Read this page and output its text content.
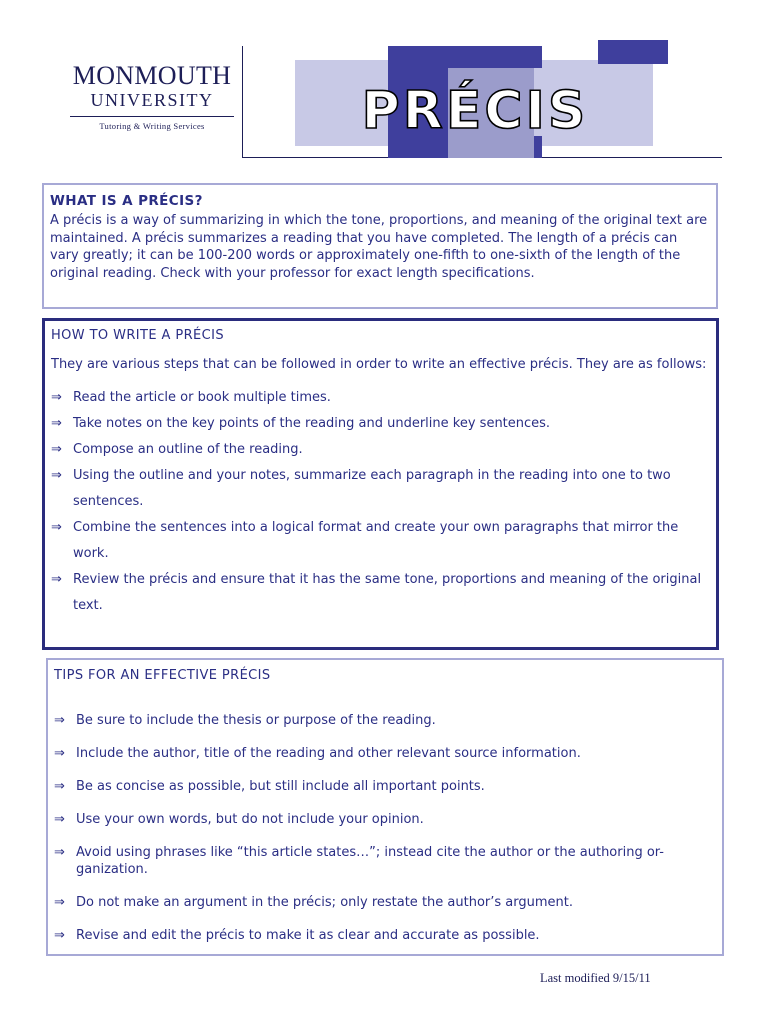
MONMOUTH
UNIVERSITY
Tutoring & Writing Services	PRÉCIS
WHAT IS A PRÉCIS?
A précis is a way of summarizing in which the tone, proportions, and meaning of the original text are maintained. A précis summarizes a reading that you have completed. The length of a précis can vary greatly; it can be 100-200 words or approximately one-fifth to one-sixth of the length of the original reading. Check with your professor for exact length specifications.
HOW TO WRITE A PRÉCIS
They are various steps that can be followed in order to write an effective précis. They are as follows:
⇒ Read the article or book multiple times.
⇒ Take notes on the key points of the reading and underline key sentences.
⇒ Compose an outline of the reading.
⇒ Using the outline and your notes, summarize each paragraph in the reading into one to two sentences.
⇒ Combine the sentences into a logical format and create your own paragraphs that mirror the work.
⇒ Review the précis and ensure that it has the same tone, proportions and meaning of the original text.
TIPS FOR AN EFFECTIVE PRÉCIS
⇒ Be sure to include the thesis or purpose of the reading.
⇒ Include the author, title of the reading and other relevant source information.
⇒ Be as concise as possible, but still include all important points.
⇒ Use your own words, but do not include your opinion.
⇒ Avoid using phrases like “this article states…”; instead cite the author or the authoring or-ganization.
⇒ Do not make an argument in the précis; only restate the author’s argument.
⇒ Revise and edit the précis to make it as clear and accurate as possible.
Last modified 9/15/11
